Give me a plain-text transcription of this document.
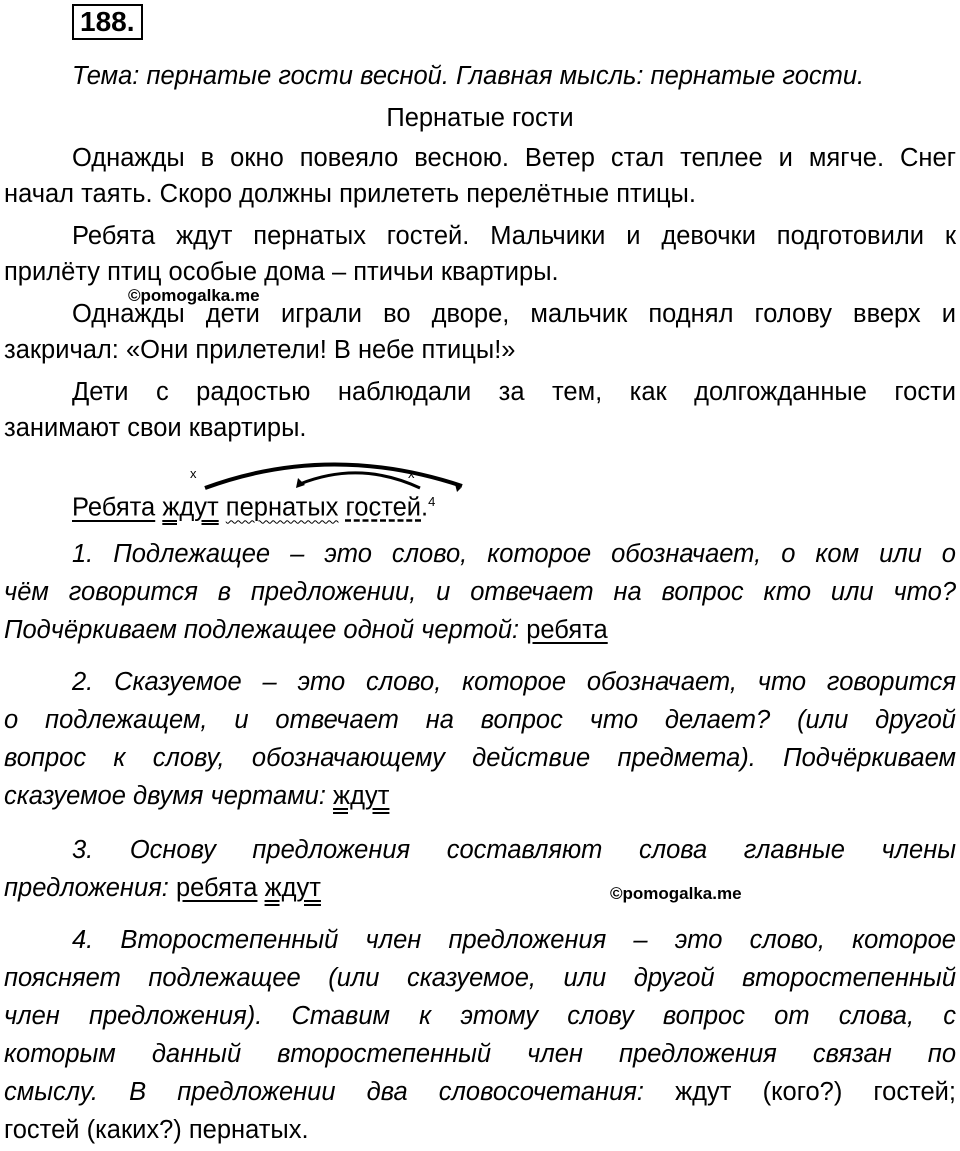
188.

Тема: пернатые гости весной. Главная мысль: пернатые гости.

Пернатые гости

Однажды в окно повеяло весною. Ветер стал теплее и мягче. Снег

начал таять. Скоро должны прилететь перелётные птицы.

Ребята ждут пернатых гостей. Мальчики и девочки подготовили к

прилёту птиц особые дома – птичьи квартиры.

©pomogalka.me

Однажды дети играли во дворе, мальчик поднял голову вверх и

закричал: «Они прилетели! В небе птицы!»

Дети с радостью наблюдали за тем, как долгожданные гости

занимают свои квартиры.

x	x
Ребята ждут пернатых гостей.$^4$

1. Подлежащее – это слово, которое обозначает, о ком или о

чём говорится в предложении, и отвечает на вопрос кто или что?

Подчёркиваем подлежащее одной чертой: ребята

2. Сказуемое – это слово, которое обозначает, что говорится

о подлежащем, и отвечает на вопрос что делает? (или другой

вопрос к слову, обозначающему действие предмета). Подчёркиваем

сказуемое двумя чертами: ждут

3. Основу предложения составляют слова главные члены

предложения: ребята ждут	©pomogalka.me

4. Второстепенный член предложения – это слово, которое

поясняет подлежащее (или сказуемое, или другой второстепенный

член предложения). Ставим к этому слову вопрос от слова, с

которым данный второстепенный член предложения связан по

смыслу. В предложении два словосочетания: ждут (кого?) гостей;

гостей (каких?) пернатых.
